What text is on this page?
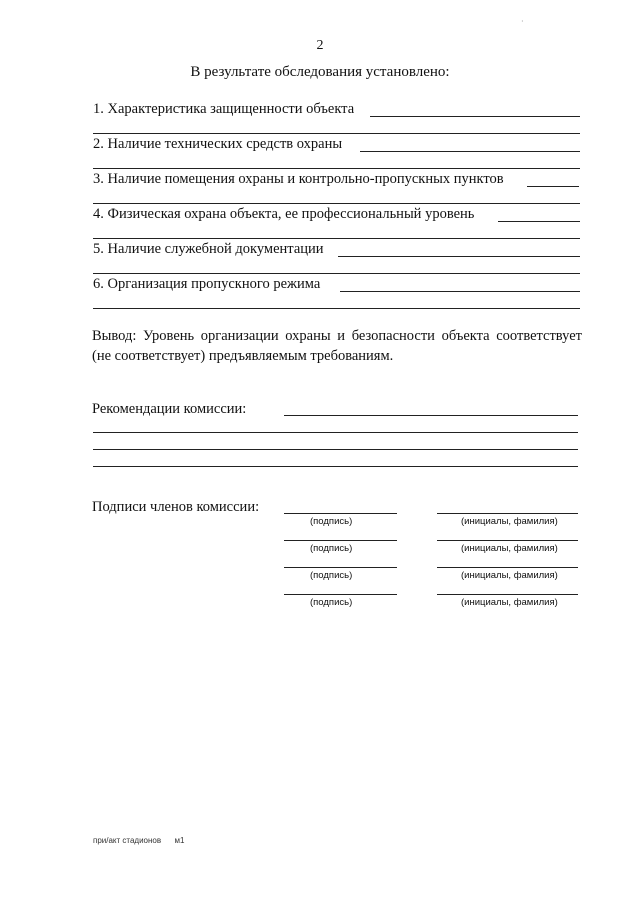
·
2
В результате обследования установлено:
1. Характеристика защищенности объекта
2. Наличие технических средств охраны
3. Наличие помещения охраны и контрольно-пропускных пунктов
4. Физическая охрана объекта, ее профессиональный уровень
5. Наличие служебной документации
6. Организация пропускного режима
Вывод: Уровень организации охраны и безопасности объекта соответствует (не соответствует) предъявляемым требованиям.
Рекомендации комиссии:
Подписи членов комиссии:
(подпись)	(инициалы, фамилия)
(подпись)	(инициалы, фамилия)
(подпись)	(инициалы, фамилия)
(подпись)	(инициалы, фамилия)
при/акт стадионов      м1
